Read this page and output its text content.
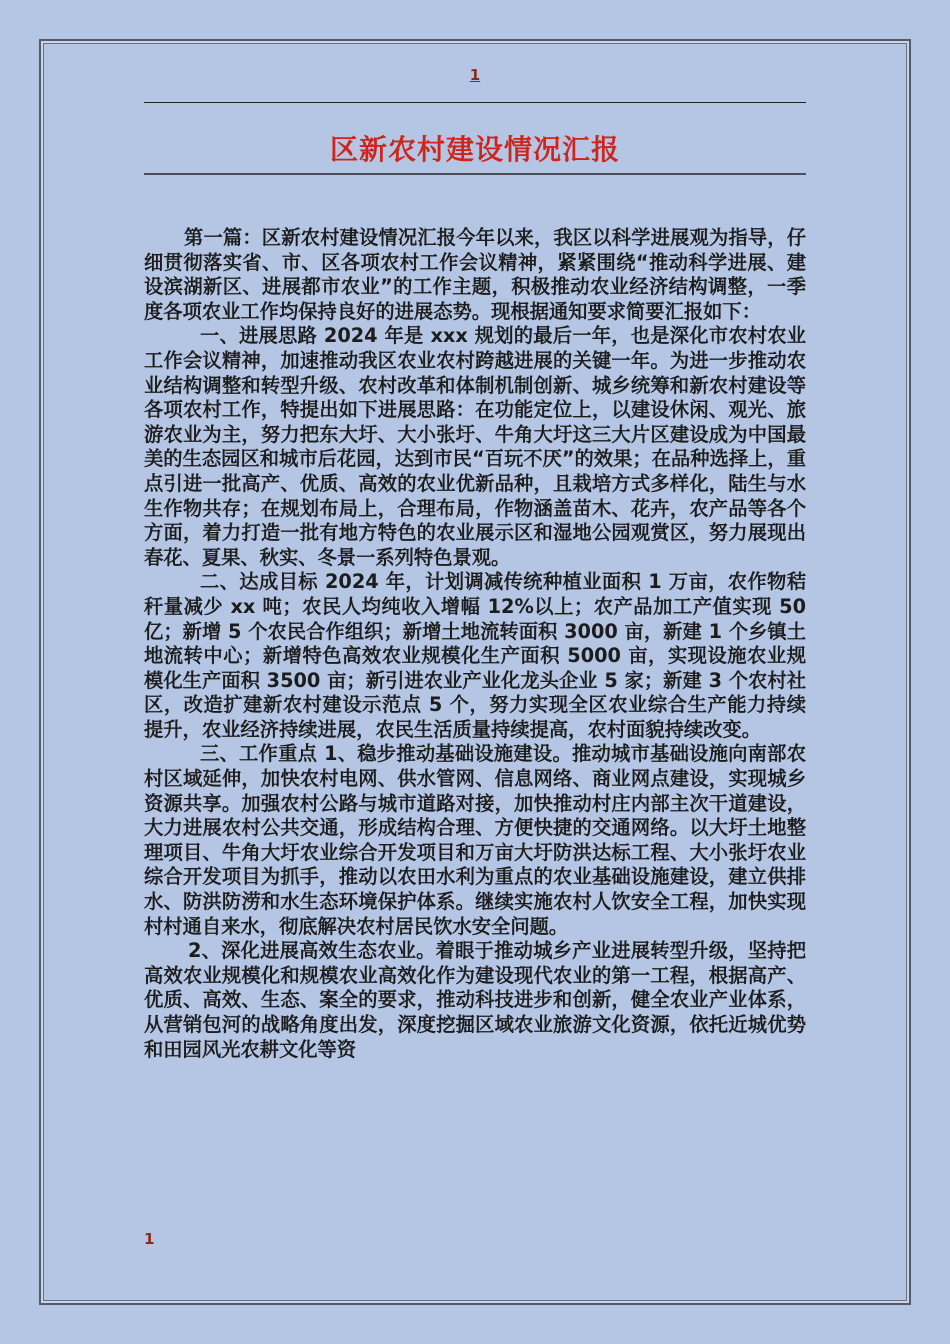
1
区新农村建设情况汇报

第一篇：区新农村建设情况汇报今年以来，我区以科学进展观为指导，仔细贯彻落实省、市、区各项农村工作会议精神，紧紧围绕“推动科学进展、建设滨湖新区、进展都市农业”的工作主题，积极推动农业经济结构调整，一季度各项农业工作均保持良好的进展态势。现根据通知要求简要汇报如下：

一、进展思路 2024 年是 xxx 规划的最后一年，也是深化市农村农业工作会议精神，加速推动我区农业农村跨越进展的关键一年。为进一步推动农业结构调整和转型升级、农村改革和体制机制创新、城乡统筹和新农村建设等各项农村工作，特提出如下进展思路：在功能定位上，以建设休闲、观光、旅游农业为主，努力把东大圩、大小张圩、牛角大圩这三大片区建设成为中国最美的生态园区和城市后花园，达到市民“百玩不厌”的效果；在品种选择上，重点引进一批高产、优质、高效的农业优新品种，且栽培方式多样化，陆生与水生作物共存；在规划布局上，合理布局，作物涵盖苗木、花卉，农产品等各个方面，着力打造一批有地方特色的农业展示区和湿地公园观赏区，努力展现出春花、夏果、秋实、冬景一系列特色景观。

二、达成目标 2024 年，计划调减传统种植业面积 1 万亩，农作物秸秆量减少 xx 吨；农民人均纯收入增幅 12%以上；农产品加工产值实现 50 亿；新增 5 个农民合作组织；新增土地流转面积 3000 亩，新建 1 个乡镇土地流转中心；新增特色高效农业规模化生产面积 5000 亩，实现设施农业规模化生产面积 3500 亩；新引进农业产业化龙头企业 5 家；新建 3 个农村社区，改造扩建新农村建设示范点 5 个，努力实现全区农业综合生产能力持续提升，农业经济持续进展，农民生活质量持续提高，农村面貌持续改变。

三、工作重点 1、稳步推动基础设施建设。推动城市基础设施向南部农村区域延伸，加快农村电网、供水管网、信息网络、商业网点建设，实现城乡资源共享。加强农村公路与城市道路对接，加快推动村庄内部主次干道建设，大力进展农村公共交通，形成结构合理、方便快捷的交通网络。以大圩土地整理项目、牛角大圩农业综合开发项目和万亩大圩防洪达标工程、大小张圩农业综合开发项目为抓手，推动以农田水利为重点的农业基础设施建设，建立供排水、防洪防涝和水生态环境保护体系。继续实施农村人饮安全工程，加快实现村村通自来水，彻底解决农村居民饮水安全问题。

2、深化进展高效生态农业。着眼于推动城乡产业进展转型升级，坚持把高效农业规模化和规模农业高效化作为建设现代农业的第一工程，根据高产、优质、高效、生态、案全的要求，推动科技进步和创新，健全农业产业体系，从营销包河的战略角度出发，深度挖掘区域农业旅游文化资源，依托近城优势和田园风光农耕文化等资

1
